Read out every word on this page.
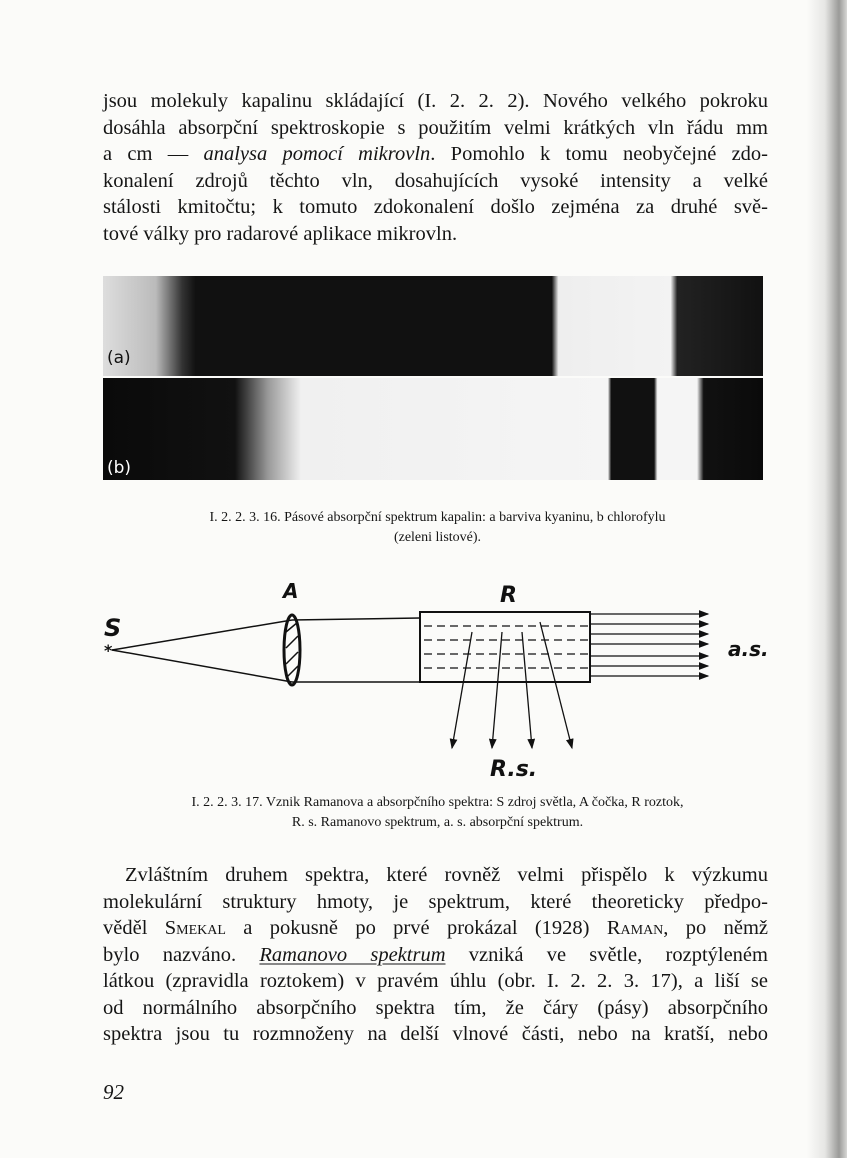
jsou molekuly kapalinu skládající (I. 2. 2. 2). Nového velkého pokroku
dosáhla absorpční spektroskopie s použitím velmi krátkých vln řádu mm
a cm — analysa pomocí mikrovln. Pomohlo k tomu neobyčejné zdo-
konalení zdrojů těchto vln, dosahujících vysoké intensity a velké
stálosti kmitočtu; k tomuto zdokonalení došlo zejména za druhé svě-
tové války pro radarové aplikace mikrovln.
(a)
(b)
I. 2. 2. 3. 16. Pásové absorpční spektrum kapalin: a barviva kyaninu, b chlorofylu
(zeleni listové).
S
*
A	R
a.s.
R.s.
I. 2. 2. 3. 17. Vznik Ramanova a absorpčního spektra: S zdroj světla, A čočka, R roztok,
R. s. Ramanovo spektrum, a. s. absorpční spektrum.
Zvláštním druhem spektra, které rovněž velmi přispělo k výzkumu
molekulární struktury hmoty, je spektrum, které theoreticky předpo-
věděl Smekal a pokusně po prvé prokázal (1928) Raman, po němž
bylo nazváno. Ramanovo spektrum vzniká ve světle, rozptýleném
látkou (zpravidla roztokem) v pravém úhlu (obr. I. 2. 2. 3. 17), a liší se
od normálního absorpčního spektra tím, že čáry (pásy) absorpčního
spektra jsou tu rozmnoženy na delší vlnové části, nebo na kratší, nebo
92
